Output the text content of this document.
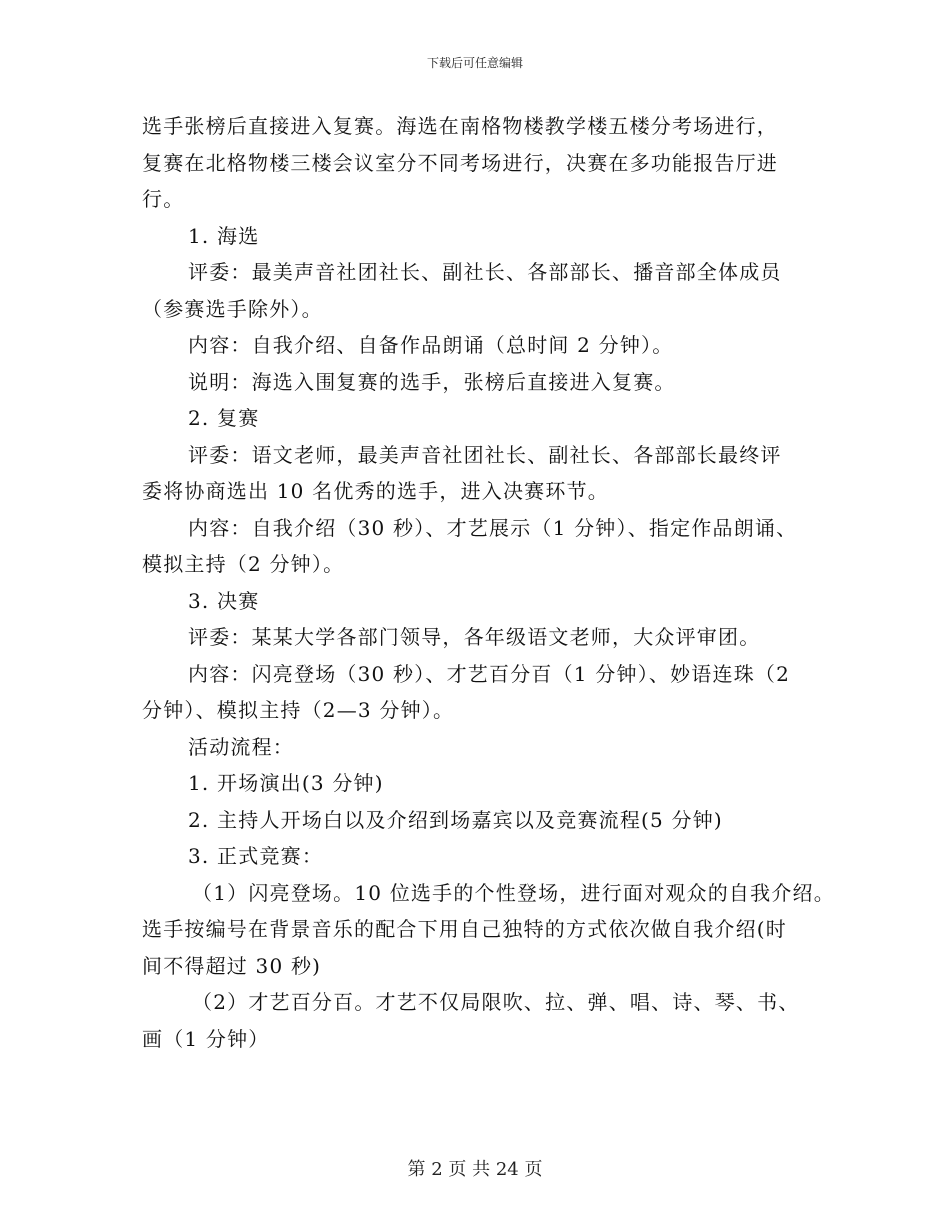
下载后可任意编辑
选手张榜后直接进入复赛。海选在南格物楼教学楼五楼分考场进行，
复赛在北格物楼三楼会议室分不同考场进行，决赛在多功能报告厅进
行。
1. 海选
评委：最美声音社团社长、副社长、各部部长、播音部全体成员
（参赛选手除外）。
内容：自我介绍、自备作品朗诵（总时间 2 分钟）。
说明：海选入围复赛的选手，张榜后直接进入复赛。
2. 复赛
评委：语文老师，最美声音社团社长、副社长、各部部长最终评
委将协商选出 10 名优秀的选手，进入决赛环节。
内容：自我介绍（30 秒）、才艺展示（1 分钟）、指定作品朗诵、
模拟主持（2 分钟）。
3. 决赛
评委：某某大学各部门领导，各年级语文老师，大众评审团。
内容：闪亮登场（30 秒）、才艺百分百（1 分钟）、妙语连珠（2
分钟）、模拟主持（2—3 分钟）。
活动流程：
1. 开场演出(3 分钟)
2. 主持人开场白以及介绍到场嘉宾以及竞赛流程(5 分钟)
3. 正式竞赛：
（1）闪亮登场。10 位选手的个性登场，进行面对观众的自我介绍。
选手按编号在背景音乐的配合下用自己独特的方式依次做自我介绍(时
间不得超过 30 秒)
（2）才艺百分百。才艺不仅局限吹、拉、弹、唱、诗、琴、书、
画（1 分钟）
第 2 页 共 24 页
